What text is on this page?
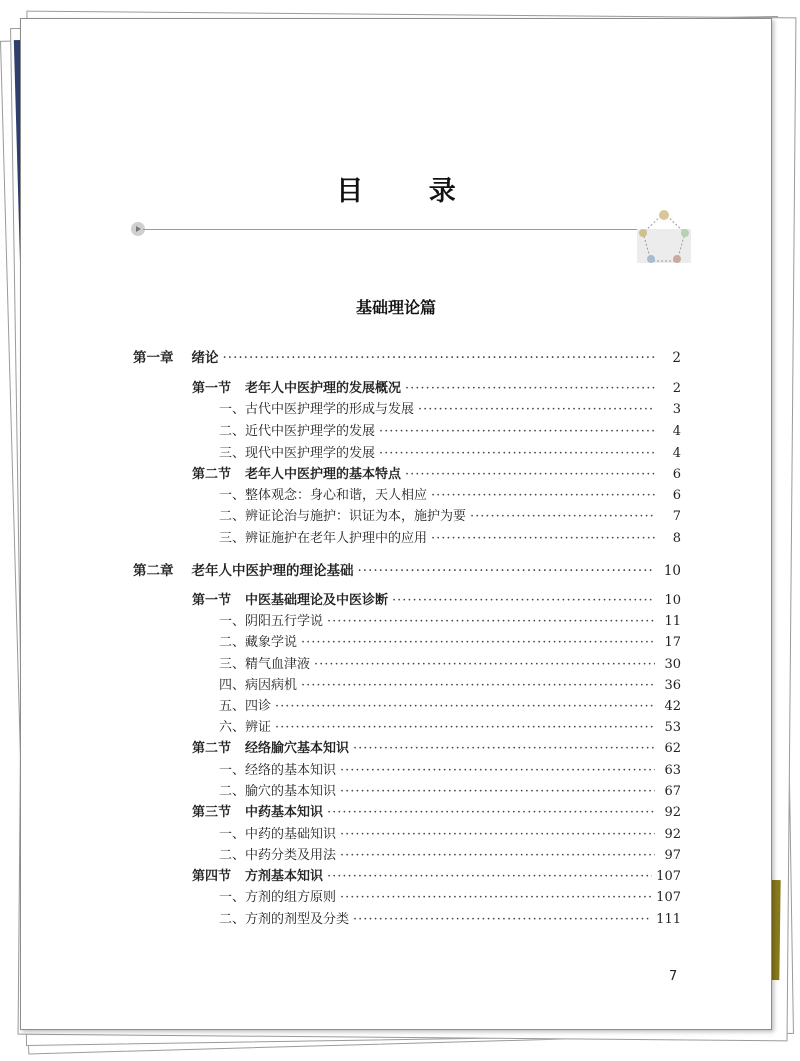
目 录
基础理论篇
第一章 绪论 ·····	2
第一节 老年人中医护理的发展概况 ·····	2
一、古代中医护理学的形成与发展 ·····	3
二、近代中医护理学的发展 ·····	4
三、现代中医护理学的发展 ·····	4
第二节 老年人中医护理的基本特点 ·····	6
一、整体观念：身心和谐，天人相应 ·····	6
二、辨证论治与施护：识证为本，施护为要 ·····	7
三、辨证施护在老年人护理中的应用 ·····	8
第二章 老年人中医护理的理论基础 ·····	10
第一节 中医基础理论及中医诊断 ·····	10
一、阴阳五行学说 ·····	11
二、藏象学说 ·····	17
三、精气血津液 ·····	30
四、病因病机 ·····	36
五、四诊 ·····	42
六、辨证 ·····	53
第二节 经络腧穴基本知识 ·····	62
一、经络的基本知识 ·····	63
二、腧穴的基本知识 ·····	67
第三节 中药基本知识 ·····	92
一、中药的基础知识 ·····	92
二、中药分类及用法 ·····	97
第四节 方剂基本知识 ·····	107
一、方剂的组方原则 ·····	107
二、方剂的剂型及分类 ·····	111
7
